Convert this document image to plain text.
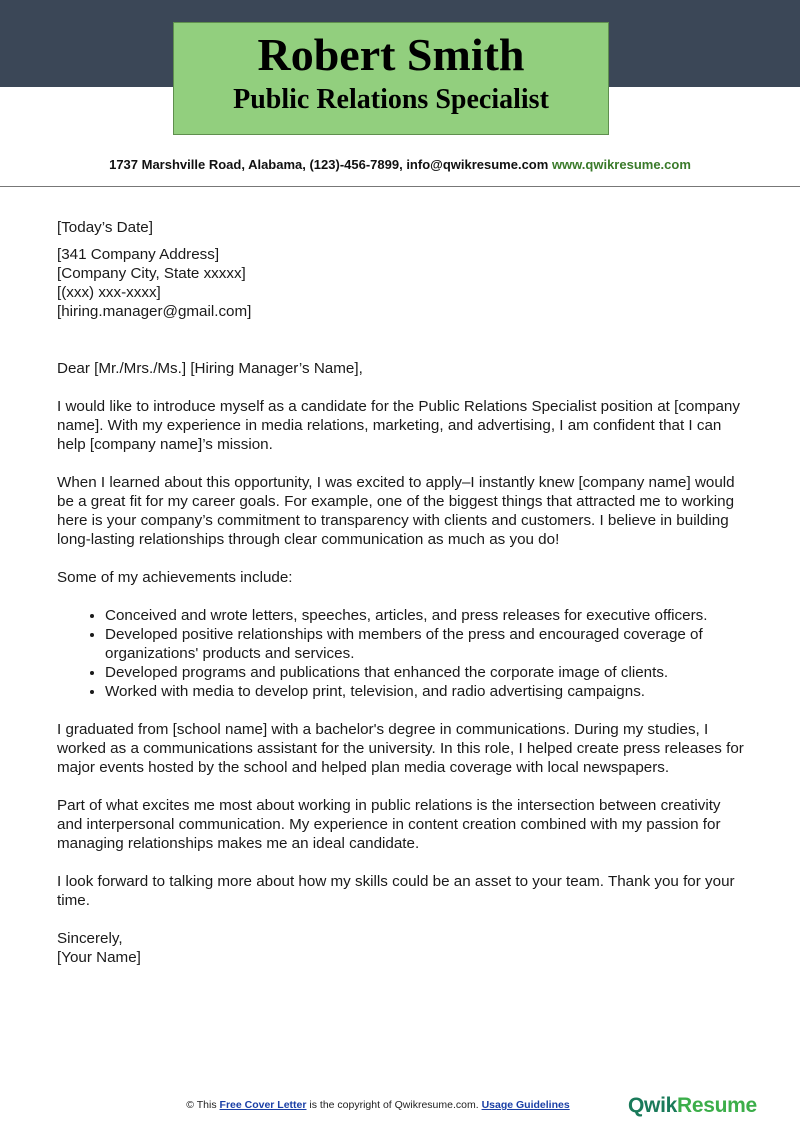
Robert Smith
Public Relations Specialist
1737 Marshville Road, Alabama, (123)-456-7899, info@qwikresume.com www.qwikresume.com

[Today’s Date]

[341 Company Address]
[Company City, State xxxxx]
[(xxx) xxx-xxxx]
[hiring.manager@gmail.com]

Dear [Mr./Mrs./Ms.] [Hiring Manager’s Name],

I would like to introduce myself as a candidate for the Public Relations Specialist position at [company name]. With my experience in media relations, marketing, and advertising, I am confident that I can help [company name]’s mission.

When I learned about this opportunity, I was excited to apply–I instantly knew [company name] would be a great fit for my career goals. For example, one of the biggest things that attracted me to working here is your company’s commitment to transparency with clients and customers. I believe in building long-lasting relationships through clear communication as much as you do!

Some of my achievements include:

• Conceived and wrote letters, speeches, articles, and press releases for executive officers.
• Developed positive relationships with members of the press and encouraged coverage of organizations' products and services.
• Developed programs and publications that enhanced the corporate image of clients.
• Worked with media to develop print, television, and radio advertising campaigns.

I graduated from [school name] with a bachelor's degree in communications. During my studies, I worked as a communications assistant for the university. In this role, I helped create press releases for major events hosted by the school and helped plan media coverage with local newspapers.

Part of what excites me most about working in public relations is the intersection between creativity and interpersonal communication. My experience in content creation combined with my passion for managing relationships makes me an ideal candidate.

I look forward to talking more about how my skills could be an asset to your team. Thank you for your time.

Sincerely,
[Your Name]
© This Free Cover Letter is the copyright of Qwikresume.com. Usage Guidelines	QwikResume
